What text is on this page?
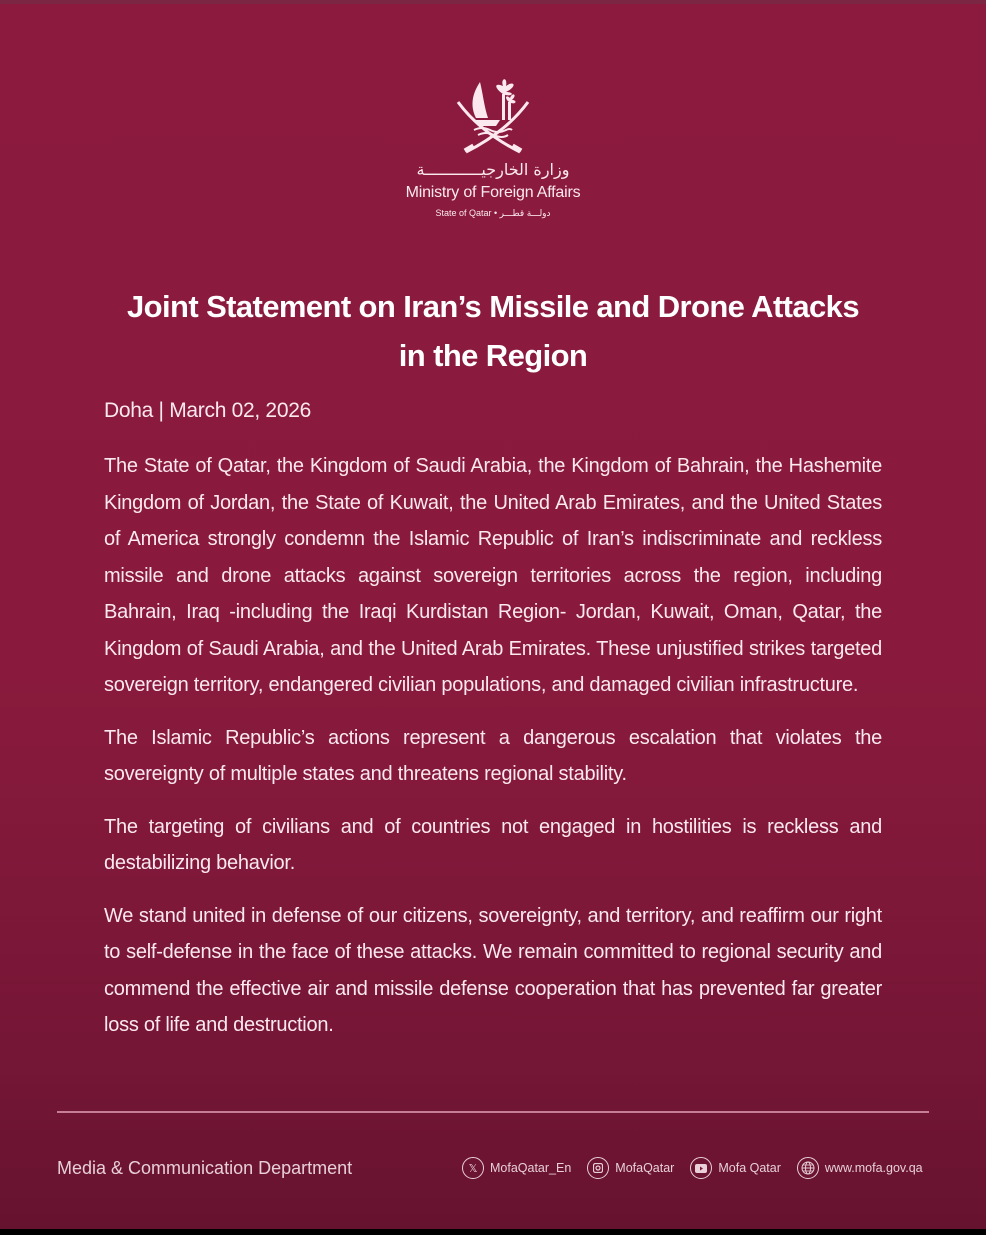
وزارة الخارجيــــــــــــة
Ministry of Foreign Affairs
State of Qatar • دولـــة قطـــر
Joint Statement on Iran’s Missile and Drone Attacks
in the Region
Doha | March 02, 2026

The State of Qatar, the Kingdom of Saudi Arabia, the Kingdom of Bahrain, the Hashemite Kingdom of Jordan, the State of Kuwait, the United Arab Emirates, and the United States of America strongly condemn the Islamic Republic of Iran’s indiscriminate and reckless missile and drone attacks against sovereign territories across the region, including Bahrain, Iraq -including the Iraqi Kurdistan Region- Jordan, Kuwait, Oman, Qatar, the Kingdom of Saudi Arabia, and the United Arab Emirates. These unjustified strikes targeted sovereign territory, endangered civilian populations, and damaged civilian infrastructure.

The Islamic Republic’s actions represent a dangerous escalation that violates the sovereignty of multiple states and threatens regional stability.

The targeting of civilians and of countries not engaged in hostilities is reckless and destabilizing behavior.

We stand united in defense of our citizens, sovereignty, and territory, and reaffirm our right to self-defense in the face of these attacks. We remain committed to regional security and commend the effective air and missile defense cooperation that has prevented far greater loss of life and destruction.

Media & Communication Department	𝕏	MofaQatar_En	MofaQatar	Mofa Qatar	www.mofa.gov.qa
